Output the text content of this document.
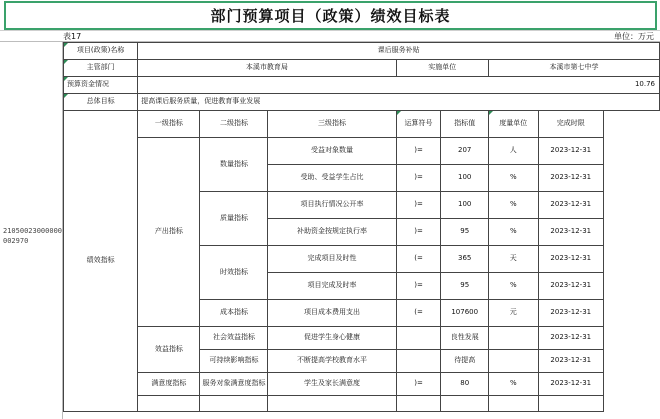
部门预算项目（政策）绩效目标表
表17	单位：万元
21050023000000002970
项目(政策)名称	课后服务补贴						
主管部门	本溪市教育局			实施单位		本溪市第七中学	
预算资金情况	10.76						
总体目标	提高课后服务质量，促进教育事业发展						
绩效指标	一级指标	二级指标	三级指标	运算符号	指标值	度量单位	完成时限
	产出指标	数量指标	受益对象数量	)=	207	人	2023-12-31
			受助、受益学生占比	)=	100	%	2023-12-31
		质量指标	项目执行情况公开率	)=	100	%	2023-12-31
			补助资金按规定执行率	)=	95	%	2023-12-31
		时效指标	完成项目及时性	(=	365	天	2023-12-31
			项目完成及时率	)=	95	%	2023-12-31
		成本指标	项目成本费用支出	(=	107600	元	2023-12-31
	效益指标	社会效益指标	促进学生身心健康		良性发展		2023-12-31
		可持续影响指标	不断提高学校教育水平		待提高		2023-12-31
	满意度指标	服务对象满意度指标	学生及家长满意度	)=	80	%	2023-12-31
